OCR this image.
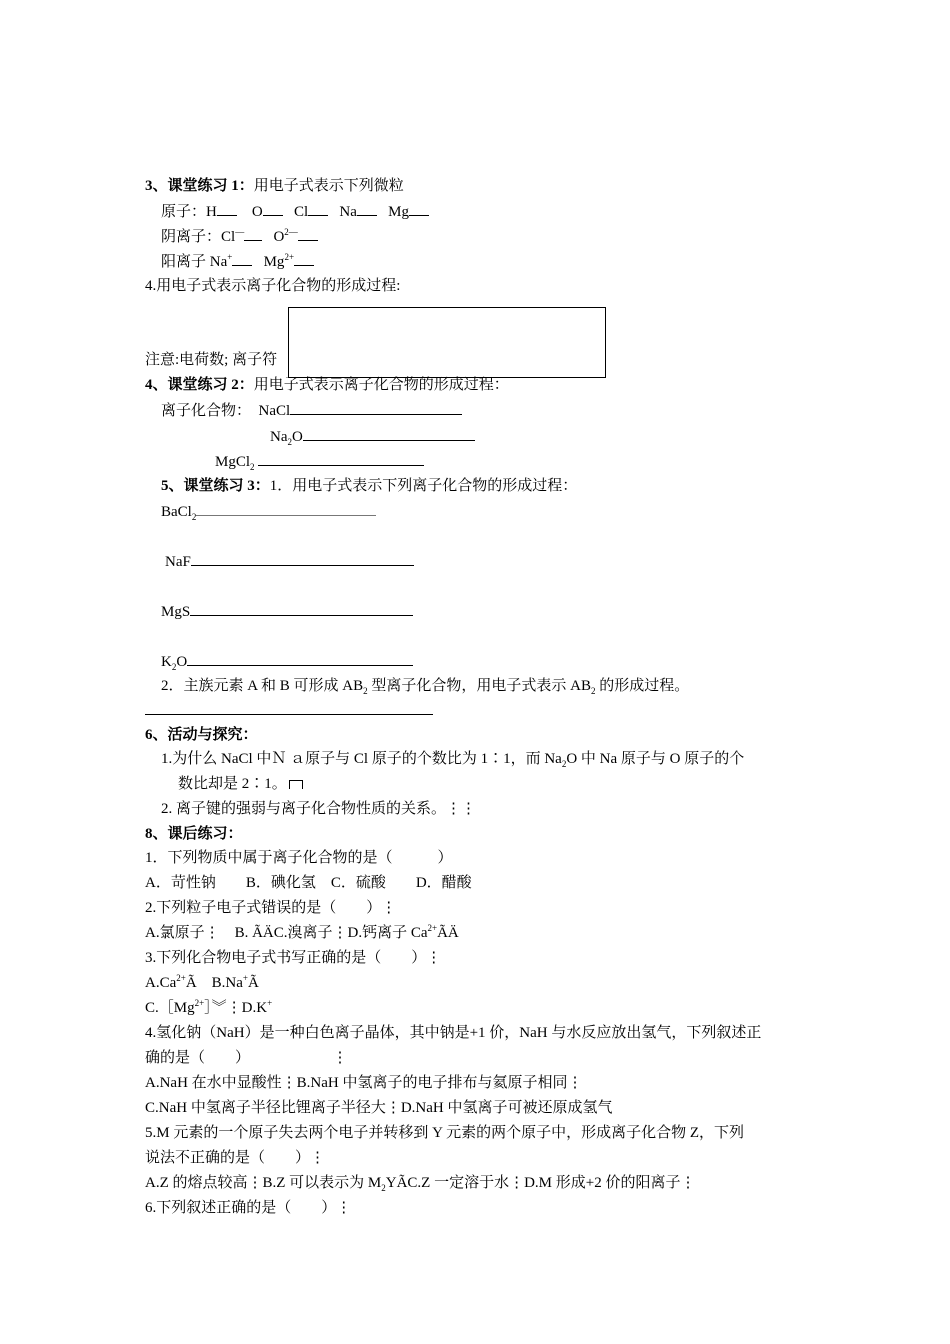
3、课堂练习 1：用电子式表示下列微粒
原子：H O Cl Na Mg
阴离子：Cl— $O^{2—}$
阳离子 Na+ $Mg^{2+}$
4.用电子式表示离子化合物的形成过程:
注意:电荷数; 离子符
4、课堂练习 2：用电子式表示离子化合物的形成过程：
离子化合物： NaCl
$Na_2O$
MgCl$_2$
5、课堂练习 3：1．用电子式表示下列离子化合物的形成过程：
BaCl$_2$
NaF
MgS
$K_2O$
2．主族元素 A 和 B 可形成 $AB_2$ 型离子化合物，用电子式表示 $AB_2$ 的形成过程。
6、活动与探究：
1.为什么 NaCl 中Ｎ ａ原子与 Cl 原子的个数比为 1∶1，而 $Na_2O$ 中 Na 原子与 O 原子的个
数比却是 2∶1。
2. 离子键的强弱与离子化合物性质的关系。⋮⋮
8、课后练习：
1．下列物质中属于离子化合物的是（　　　）
A．苛性钠　　B．碘化氢　C．硫酸　　D．醋酸
2.下列粒子电子式错误的是（　　）⋮
A.氯原子⋮　B. ÃÄC.溴离子⋮D.钙离子 $Ca^{2+}ÃÄ$
3.下列化合物电子式书写正确的是（　　）⋮
$A.Ca^{2+}Ã$　B.Na+Ã
$C.[Mg^{2+}]︾⋮D.K^+$
4.氢化钠（NaH）是一种白色离子晶体，其中钠是+1 价，NaH 与水反应放出氢气，下列叙述正
确的是（　　）　　　　　　⋮
A.NaH 在水中显酸性⋮B.NaH 中氢离子的电子排布与氦原子相同⋮
C.NaH 中氢离子半径比锂离子半径大⋮D.NaH 中氢离子可被还原成氢气
5.M 元素的一个原子失去两个电子并转移到 Y 元素的两个原子中，形成离子化合物 Z，下列
说法不正确的是（　　）⋮
A.Z 的熔点较高⋮B.Z 可以表示为 $M_2YÃC.Z$ 一定溶于水⋮D.M 形成+2 价的阳离子⋮
6.下列叙述正确的是（　　）⋮
